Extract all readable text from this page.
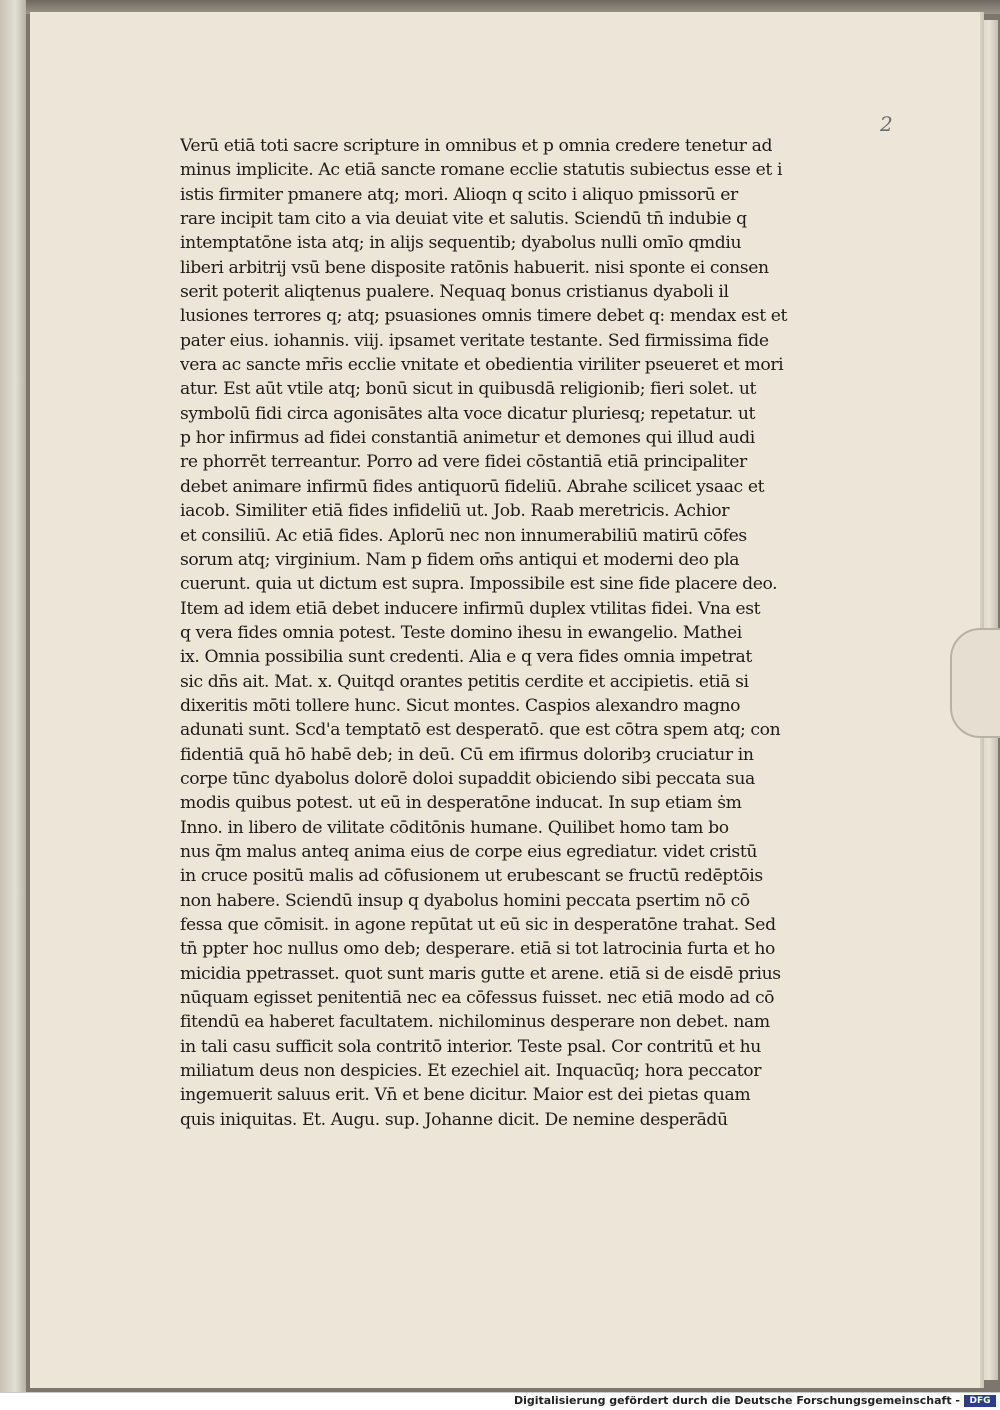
2
Verū etiā toti sacre scripture in omnibus et p omnia credere tenetur ad
minus implicite. Ac etiā sancte romane ecclie statutis subiectus esse et i
istis firmiter pmanere atq; mori. Alioqn q scito i aliquo pmissorū er
rare incipit tam cito a via deuiat vite et salutis. Sciendū tn̄ indubie q
intemptatōne ista atq; in alijs sequentib; dyabolus nulli omīo qmdiu
liberi arbitrij vsū bene disposite ratōnis habuerit. nisi sponte ei consen
serit poterit aliqtenus pualere. Nequaq bonus cristianus dyaboli il
lusiones terrores q; atq; psuasiones omnis timere debet q: mendax est et
pater eius. iohannis. viij. ipsamet veritate testante. Sed firmissima fide
vera ac sancte mr̄is ecclie vnitate et obedientia viriliter pseueret et mori
atur. Est aūt vtile atq; bonū sicut in quibusdā religionib; fieri solet. ut
symbolū fidi circa agonisātes alta voce dicatur pluriesq; repetatur. ut
p hor infirmus ad fidei constantiā animetur et demones qui illud audi
re phorrēt terreantur. Porro ad vere fidei cōstantiā etiā principaliter
debet animare infirmū fides antiquorū fideliū. Abrahe scilicet ysaac et
iacob. Similiter etiā fides infideliū ut. Job. Raab meretricis. Achior
et consiliū. Ac etiā fides. Aplorū nec non innumerabiliū matirū cōfes
sorum atq; virginium. Nam p fidem om̄s antiqui et moderni deo pla
cuerunt. quia ut dictum est supra. Impossibile est sine fide placere deo.
Item ad idem etiā debet inducere infirmū duplex vtilitas fidei. Vna est
q vera fides omnia potest. Teste domino ihesu in ewangelio. Mathei
ix. Omnia possibilia sunt credenti. Alia e q vera fides omnia impetrat
sic dn̄s ait. Mat. x. Quitqd orantes petitis cerdite et accipietis. etiā si
dixeritis mōti tollere hunc. Sicut montes. Caspios alexandro magno
adunati sunt. Scd'a temptatō est desperatō. que est cōtra spem atq; con
fidentiā quā hō habē deb; in deū. Cū em ifirmus doloribȝ cruciatur in
corpe tūnc dyabolus dolorē doloi supaddit obiciendo sibi peccata sua
modis quibus potest. ut eū in desperatōne inducat. In sup etiam ṡm
Inno. in libero de vilitate cōditōnis humane. Quilibet homo tam bo
nus q̄m malus anteq anima eius de corpe eius egrediatur. videt cristū
in cruce positū malis ad cōfusionem ut erubescant se fructū redēptōis
non habere. Sciendū insup q dyabolus homini peccata psertim nō cō
fessa que cōmisit. in agone repūtat ut eū sic in desperatōne trahat. Sed
tn̄ ppter hoc nullus omo deb; desperare. etiā si tot latrocinia furta et ho
micidia ppetrasset. quot sunt maris gutte et arene. etiā si de eisdē prius
nūquam egisset penitentiā nec ea cōfessus fuisset. nec etiā modo ad cō
fitendū ea haberet facultatem. nichilominus desperare non debet. nam
in tali casu sufficit sola contritō interior. Teste psal. Cor contritū et hu
miliatum deus non despicies. Et ezechiel ait. Inquacūq; hora peccator
ingemuerit saluus erit. Vn̄ et bene dicitur. Maior est dei pietas quam
quis iniquitas. Et. Augu. sup. Johanne dicit. De nemine desperādū
Digitalisierung gefördert durch die Deutsche Forschungsgemeinschaft -	DFG
